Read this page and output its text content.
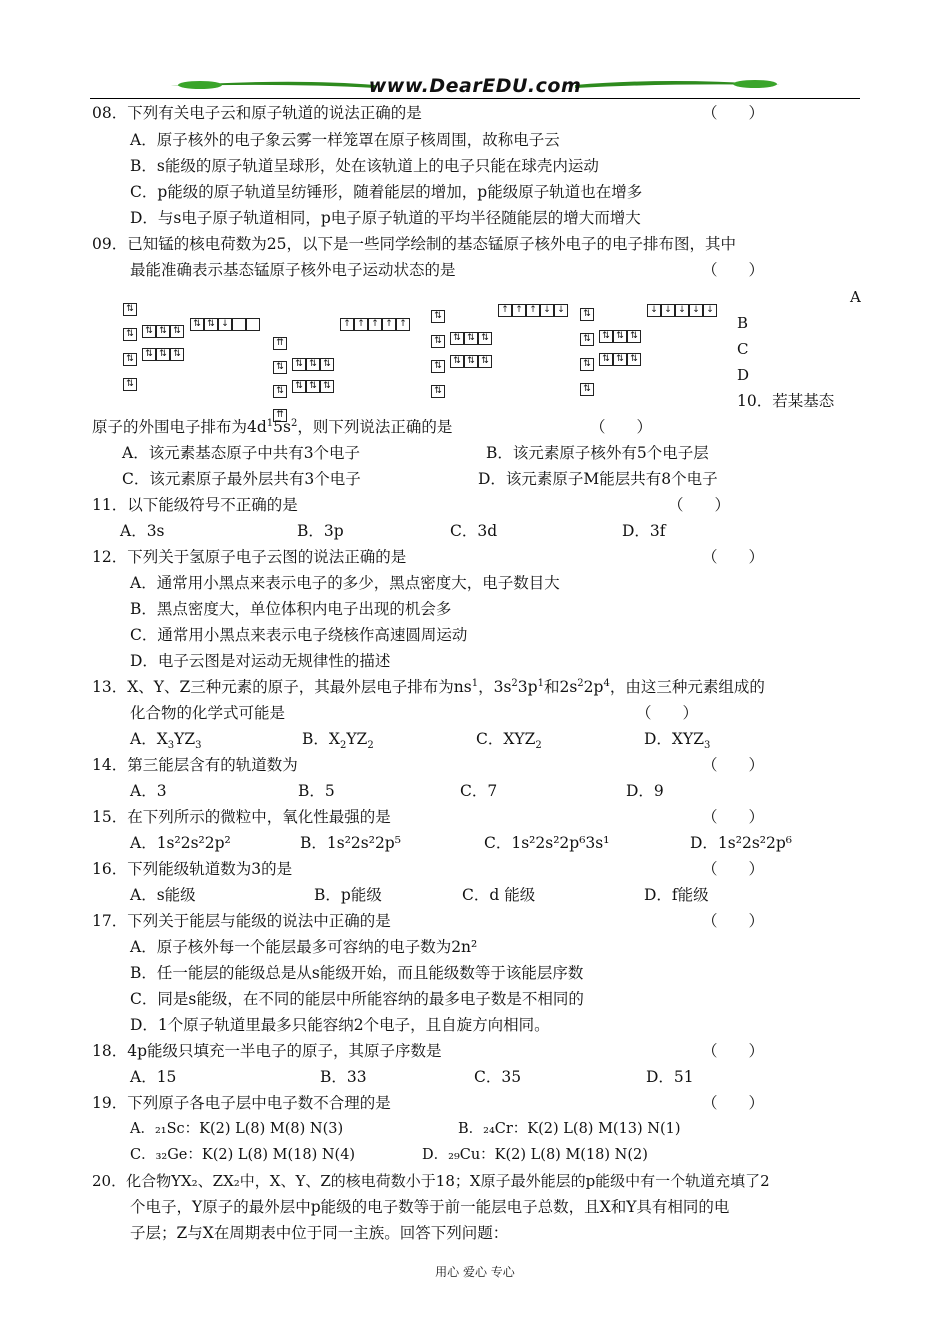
www.DearEDU.com
08．下列有关电子云和原子轨道的说法正确的是	（　　）
A．原子核外的电子象云雾一样笼罩在原子核周围，故称电子云
B．s能级的原子轨道呈球形，处在该轨道上的电子只能在球壳内运动
C．p能级的原子轨道呈纺锤形，随着能层的增加，p能级原子轨道也在增多
D．与s电子原子轨道相同，p电子原子轨道的平均半径随能层的增大而增大
09．已知锰的核电荷数为25，以下是一些同学绘制的基态锰原子核外电子的电子排布图，其中
最能准确表示基态锰原子核外电子运动状态的是	（　　）
⇅
⇅	⇅ ⇅ ⇅
⇅	⇅ ⇅ ⇅
⇅
⇅ ⇅ ↓
⇈
⇅	⇅ ⇅ ⇅
⇅	⇅ ⇅ ⇅
⇈
↑ ↑ ↑ ↑ ↑
⇅
⇅	⇅ ⇅ ⇅
⇅	⇅ ⇅ ⇅
⇅
↑ ↑ ↑ ↓ ↓	⇅
⇅	⇅ ⇅ ⇅
⇅	⇅ ⇅ ⇅
⇅
↓ ↓ ↓ ↓ ↓
A
B
C
D
10．若某基态
原子的外围电子排布为$4d^15s^2$，则下列说法正确的是	（　　）
A．该元素基态原子中共有3个电子	B．该元素原子核外有5个电子层
C．该元素原子最外层共有3个电子	D．该元素原子M能层共有8个电子
11．以下能级符号不正确的是	（　　）
A．3s	B．3p	C．3d	D．3f
12．下列关于氢原子电子云图的说法正确的是	（　　）
A．通常用小黑点来表示电子的多少，黑点密度大，电子数目大
B．黑点密度大，单位体积内电子出现的机会多
C．通常用小黑点来表示电子绕核作高速圆周运动
D．电子云图是对运动无规律性的描述
13．X、Y、Z三种元素的原子，其最外层电子排布为$ns^1$，$3s^23p^1$和$2s^22p^4$，由这三种元素组成的
化合物的化学式可能是	（　　）
A．$X_3YZ_3$	B．$X_2YZ_2$	C．$XYZ_2$	D．$XYZ_3$
14．第三能层含有的轨道数为	（　　）
A．3	B．5	C．7	D．9
15．在下列所示的微粒中，氧化性最强的是	（　　）
A．1s²2s²2p²	B．1s²2s²2p⁵	C．1s²2s²2p⁶3s¹	D．1s²2s²2p⁶
16．下列能级轨道数为3的是	（　　）
A．s能级	B．p能级	C．d 能级	D．f能级
17．下列关于能层与能级的说法中正确的是	（　　）
A．原子核外每一个能层最多可容纳的电子数为2n²
B．任一能层的能级总是从s能级开始，而且能级数等于该能层序数
C．同是s能级，在不同的能层中所能容纳的最多电子数是不相同的
D．1个原子轨道里最多只能容纳2个电子，且自旋方向相同。
18．4p能级只填充一半电子的原子，其原子序数是	（　　）
A．15	B．33	C．35	D．51
19．下列原子各电子层中电子数不合理的是	（　　）
A．₂₁Sc：K(2) L(8) M(8) N(3)	B．₂₄Cr：K(2) L(8) M(13) N(1)
C．₃₂Ge：K(2) L(8) M(18) N(4)	D．₂₉Cu：K(2) L(8) M(18) N(2)
20．化合物YX₂、ZX₂中，X、Y、Z的核电荷数小于18；X原子最外能层的p能级中有一个轨道充填了2
个电子，Y原子的最外层中p能级的电子数等于前一能层电子总数，且X和Y具有相同的电
子层；Z与X在周期表中位于同一主族。回答下列问题：
用心 爱心 专心
